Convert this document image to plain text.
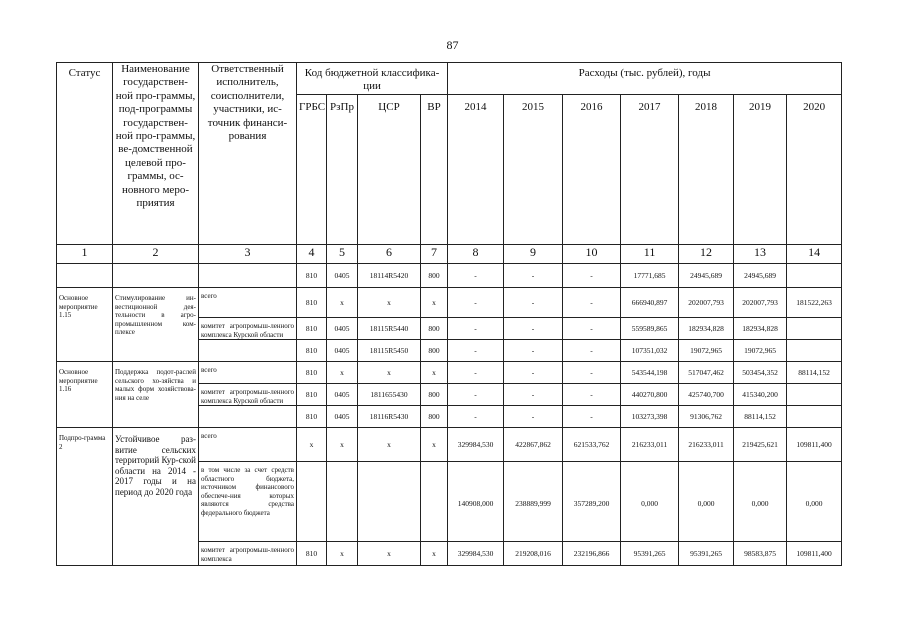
87
Статус	Наименование государствен-ной про-граммы, под-программы государствен-ной про-граммы, ве-домственной целевой про-граммы, ос-новного меро-приятия	Ответственный исполнитель, соисполнители, участники, ис-точник финанси-рования	Код бюджетной классифика-ции				Расходы (тыс. рублей), годы						
			ГРБС	РзПр	ЦСР	ВР	2014	2015	2016	2017	2018	2019	2020
1	2	3	4	5	6	7	8	9	10	11	12	13	14
			810	0405	18114R5420	800	-	-	-	17771,685	24945,689	24945,689	
Основное мероприятие 1.15	Стимулирование ин-вестиционной дея-тельности в агро-промышленном ком-плексе	всего	810	x	x	x	-	-	-	666940,897	202007,793	202007,793	181522,263
		комитет агропромыш-ленного комплекса Курской области	810	0405	18115R5440	800	-	-	-	559589,865	182934,828	182934,828	
			810	0405	18115R5450	800	-	-	-	107351,032	19072,965	19072,965	
Основное мероприятие 1.16	Поддержка подот-раслей сельского хо-зяйства и малых форм хозяйствова-ния на селе	всего	810	x	x	x	-	-	-	543544,198	517047,462	503454,352	88114,152
		комитет агропромыш-ленного комплекса Курской области	810	0405	1811655430	800	-	-	-	440270,800	425740,700	415340,200	
			810	0405	18116R5430	800	-	-	-	103273,398	91306,762	88114,152	
Подпро-грамма 2	Устойчивое раз-витие сельских территорий Кур-ской области на 2014 - 2017 годы и на период до 2020 года	всего	x	x	x	x	329984,530	422867,862	621533,762	216233,011	216233,011	219425,621	109811,400
		в том числе за счет средств областного бюджета, источником финансового обеспече-ния которых являются средства федерального бюджета					140908,000	238889,999	357289,200	0,000	0,000	0,000	0,000
		комитет агропромыш-ленного комплекса	810	x	x	x	329984,530	219208,016	232196,866	95391,265	95391,265	98583,875	109811,400
